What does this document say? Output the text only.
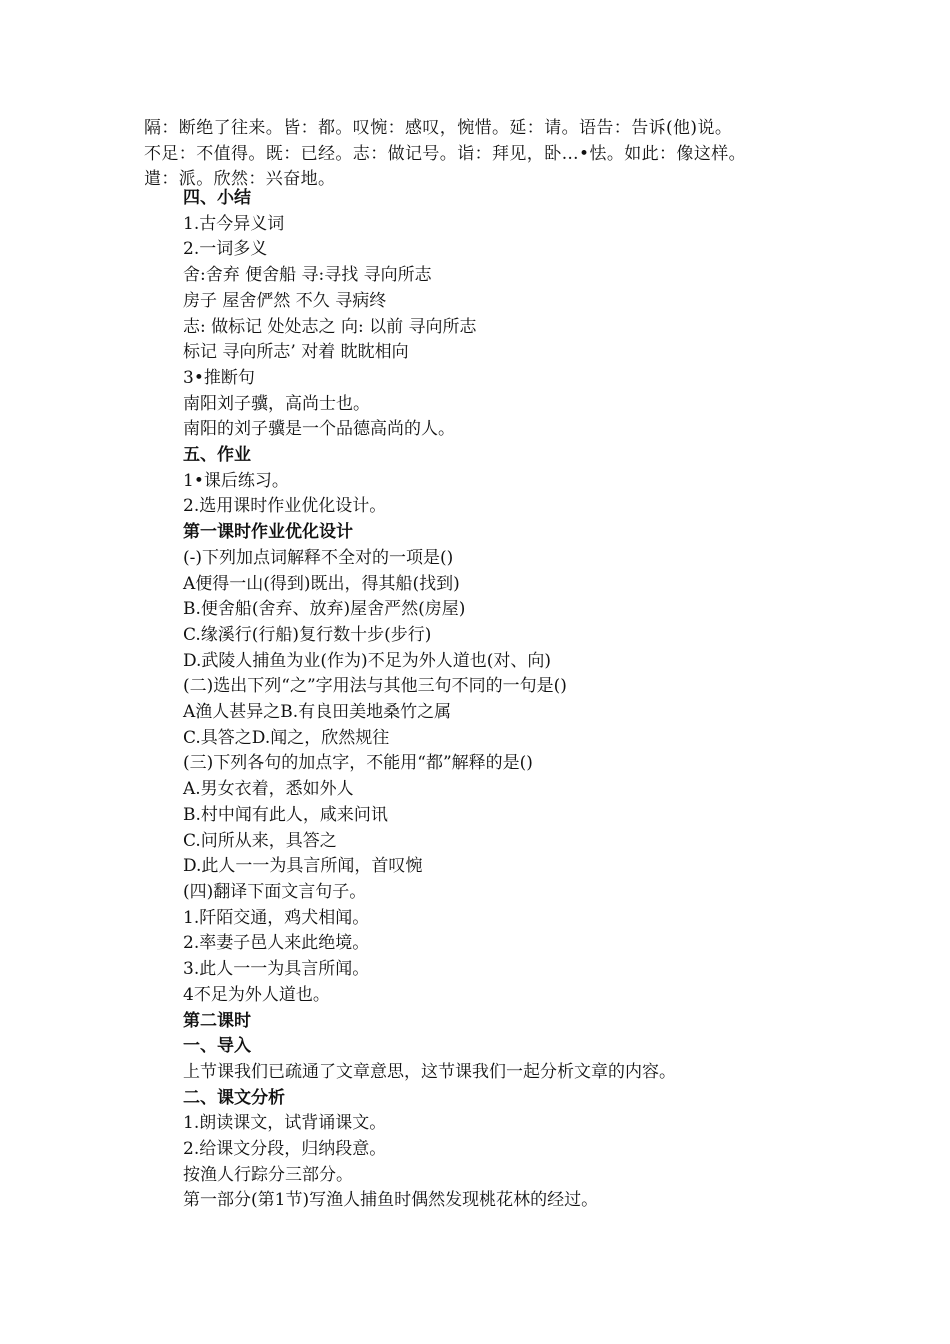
隔：断绝了往来。皆：都。叹惋：感叹，惋惜。延：请。语告：告诉(他)说。
不足：不值得。既：已经。志：做记号。诣：拜见，卧…•怯。如此：像这样。
遣：派。欣然：兴奋地。
四、小结
1.古今异义词
2.一词多义
舍:舍弃 便舍船 寻:寻找 寻向所志
房子 屋舍俨然 不久 寻病终
志: 做标记 处处志之 向: 以前 寻向所志
标记 寻向所志’ 对着 眈眈相向
3•推断句
南阳刘子骥，高尚士也。
南阳的刘子骥是一个品德高尚的人。
五、作业
1•课后练习。
2.选用课时作业优化设计。
第一课时作业优化设计
(-)下列加点词解释不全对的一项是()
A便得一山(得到)既出，得其船(找到)
B.便舍船(舍弃、放弃)屋舍严然(房屋)
C.缘溪行(行船)复行数十步(步行)
D.武陵人捕鱼为业(作为)不足为外人道也(对、向)
(二)选出下列“之”字用法与其他三句不同的一句是()
A渔人甚异之B.有良田美地桑竹之属
C.具答之D.闻之，欣然规往
(三)下列各句的加点字，不能用“都”解释的是()
A.男女衣着，悉如外人
B.村中闻有此人，咸来问讯
C.问所从来，具答之
D.此人一一为具言所闻，首叹惋
(四)翻译下面文言句子。
1.阡陌交通，鸡犬相闻。
2.率妻子邑人来此绝境。
3.此人一一为具言所闻。
4不足为外人道也。
第二课时
一、导入
上节课我们已疏通了文章意思，这节课我们一起分析文章的内容。
二、课文分析
1.朗读课文，试背诵课文。
2.给课文分段，归纳段意。
按渔人行踪分三部分。
第一部分(第1节)写渔人捕鱼时偶然发现桃花林的经过。
